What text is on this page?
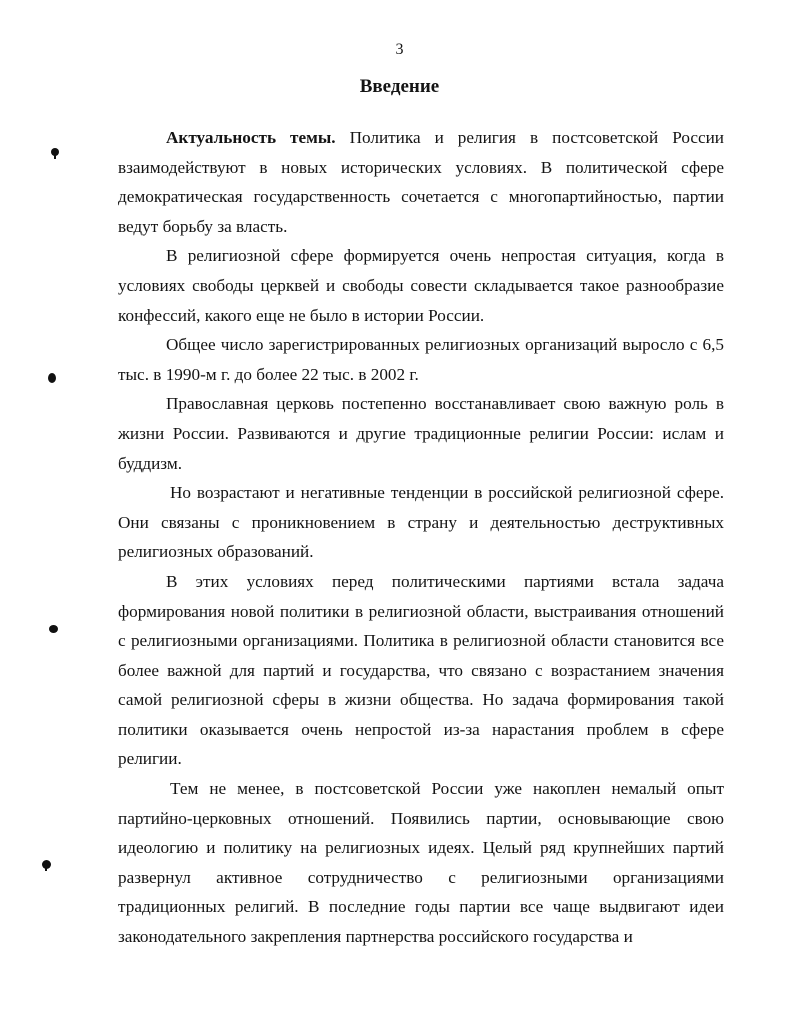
3
Введение

Актуальность темы. Политика и религия в постсоветской России взаимодействуют в новых исторических условиях. В политической сфере демократическая государственность сочетается с многопартийностью, партии ведут борьбу за власть.

В религиозной сфере формируется очень непростая ситуация, когда в условиях свободы церквей и свободы совести складывается такое разнообразие конфессий, какого еще не было в истории России.

Общее число зарегистрированных религиозных организаций выросло с 6,5 тыс. в 1990-м г. до более 22 тыс. в 2002 г.

Православная церковь постепенно восстанавливает свою важную роль в жизни России. Развиваются и другие традиционные религии России: ислам и буддизм.

Но возрастают и негативные тенденции в российской религиозной сфере. Они связаны с проникновением в страну и деятельностью деструктивных религиозных образований.

В этих условиях перед политическими партиями встала задача формирования новой политики в религиозной области, выстраивания отношений с религиозными организациями. Политика в религиозной области становится все более важной для партий и государства, что связано с возрастанием значения самой религиозной сферы в жизни общества. Но задача формирования такой политики оказывается очень непростой из-за нарастания проблем в сфере религии.

Тем не менее, в постсоветской России уже накоплен немалый опыт партийно-церковных отношений. Появились партии, основывающие свою идеологию и политику на религиозных идеях. Целый ряд крупнейших партий развернул активное сотрудничество с религиозными организациями традиционных религий. В последние годы партии все чаще выдвигают идеи законодательного закрепления партнерства российского государства и
